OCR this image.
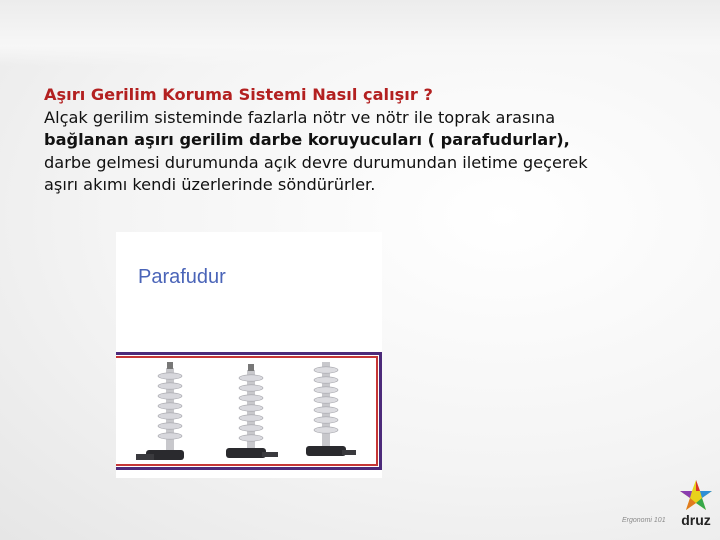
Aşırı Gerilim Koruma Sistemi Nasıl çalışır ?
Alçak gerilim sisteminde fazlarla nötr ve nötr ile toprak arasına
bağlanan aşırı gerilim darbe koruyucuları ( parafudurlar),
darbe gelmesi durumunda açık devre durumundan iletime geçerek
aşırı akımı kendi üzerlerinde söndürürler.
Parafudur
Ergonomi 101	druz
